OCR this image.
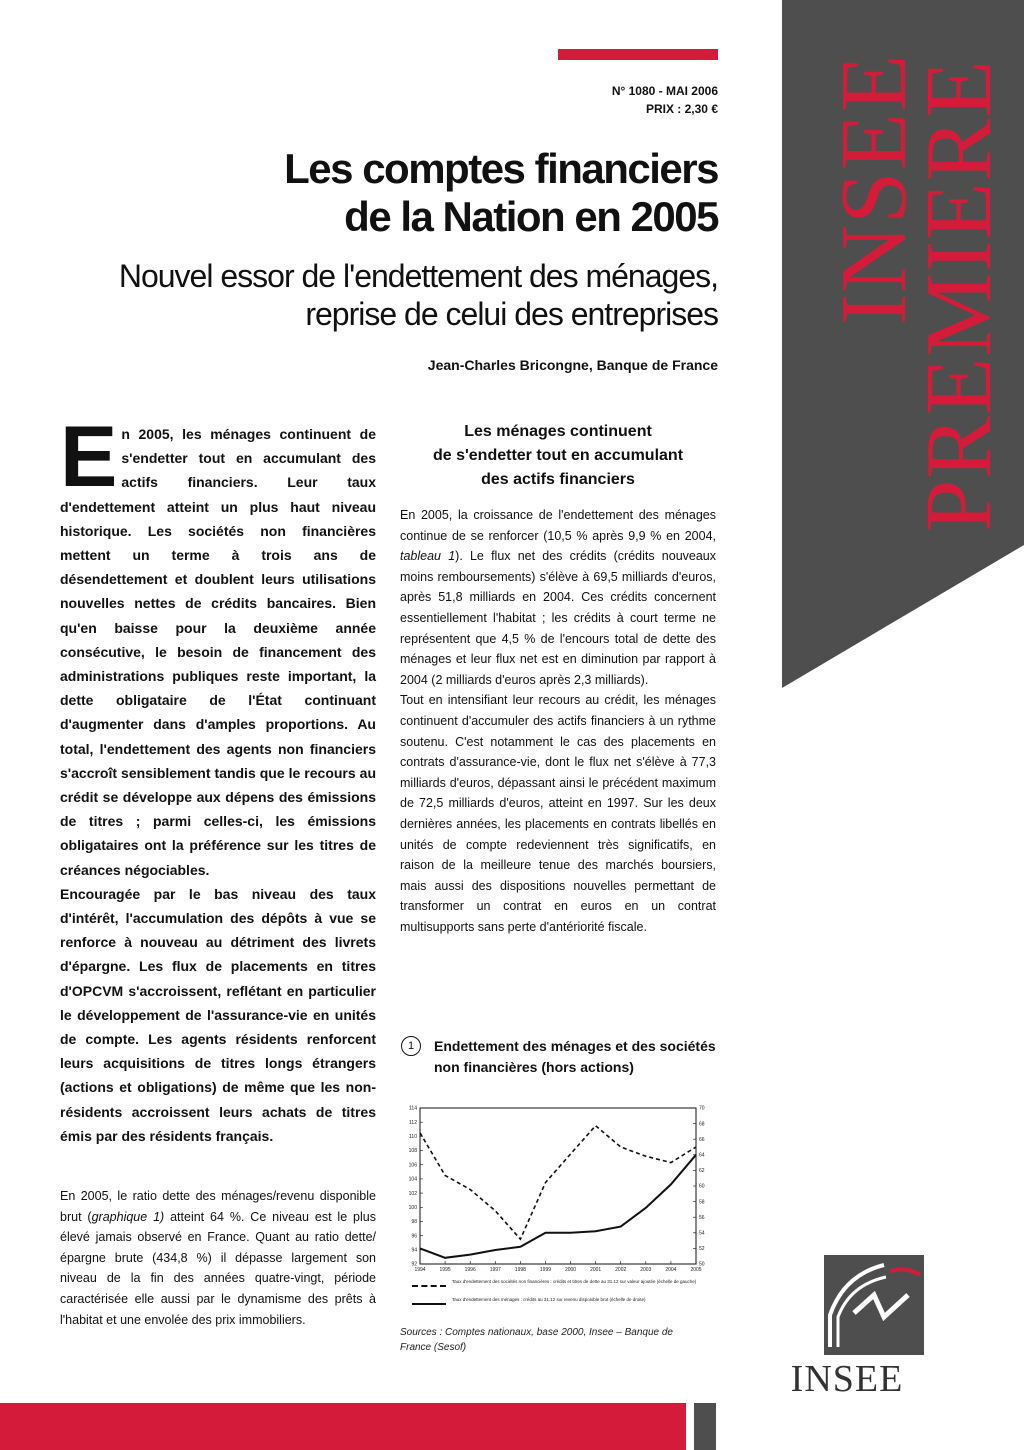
INSEE
PREMIERE
N° 1080 - MAI 2006
PRIX : 2,30 €
Les comptes financiers
de la Nation en 2005
Nouvel essor de l'endettement des ménages,
reprise de celui des entreprises
Jean-Charles Bricongne, Banque de France

En 2005, les ménages continuent de s'endetter tout en accumulant des actifs financiers. Leur taux d'endettement atteint un plus haut niveau historique. Les sociétés non financières mettent un terme à trois ans de désendettement et doublent leurs utilisations nouvelles nettes de crédits bancaires. Bien qu'en baisse pour la deuxième année consécutive, le besoin de financement des administrations publiques reste important, la dette obligataire de l'État continuant d'augmenter dans d'amples proportions. Au total, l'endettement des agents non financiers s'accroît sensiblement tandis que le recours au crédit se développe aux dépens des émissions de titres ; parmi celles-ci, les émissions obligataires ont la préférence sur les titres de créances négociables.

Encouragée par le bas niveau des taux d'intérêt, l'accumulation des dépôts à vue se renforce à nouveau au détriment des livrets d'épargne. Les flux de placements en titres d'OPCVM s'accroissent, reflétant en particulier le développement de l'assurance-vie en unités de compte. Les agents résidents renforcent leurs acquisitions de titres longs étrangers (actions et obligations) de même que les non-résidents accroissent leurs achats de titres émis par des résidents français.

En 2005, le ratio dette des ménages/revenu disponible brut (graphique 1) atteint 64 %. Ce niveau est le plus élevé jamais observé en France. Quant au ratio dette/épargne brute (434,8 %) il dépasse largement son niveau de la fin des années quatre-vingt, période caractérisée elle aussi par le dynamisme des prêts à l'habitat et une envolée des prix immobiliers.

Les ménages continuent
de s'endetter tout en accumulant
des actifs financiers

En 2005, la croissance de l'endettement des ménages continue de se renforcer (10,5 % après 9,9 % en 2004, tableau 1). Le flux net des crédits (crédits nouveaux moins remboursements) s'élève à 69,5 milliards d'euros, après 51,8 milliards en 2004. Ces crédits concernent essentiellement l'habitat ; les crédits à court terme ne représentent que 4,5 % de l'encours total de dette des ménages et leur flux net est en diminution par rapport à 2004 (2 milliards d'euros après 2,3 milliards).

Tout en intensifiant leur recours au crédit, les ménages continuent d'accumuler des actifs financiers à un rythme soutenu. C'est notamment le cas des placements en contrats d'assurance-vie, dont le flux net s'élève à 77,3 milliards d'euros, dépassant ainsi le précédent maximum de 72,5 milliards d'euros, atteint en 1997. Sur les deux dernières années, les placements en contrats libellés en unités de compte redeviennent très significatifs, en raison de la meilleure tenue des marchés boursiers, mais aussi des dispositions nouvelles permettant de transformer un contrat en euros en un contrat multisupports sans perte d'antériorité fiscale.

1	Endettement des ménages et des sociétés non financières (hors actions)
92
94
96
98
100
102
104
106
108
110
112
114
50
52
54
56
58
60
62
64
66
68
70
1994	1995	1996	1997	1998	1999	2000	2001	2002	2003	2004	2005
Taux d'endettement des sociétés non financières : crédits et titres de dette au 31.12 sur valeur ajoutée (échelle de gauche)
Taux d'endettement des ménages : crédits au 31.12 sur revenu disponible brut (échelle de droite)
Sources : Comptes nationaux, base 2000, Insee – Banque de France (Sesof)
INSEE
